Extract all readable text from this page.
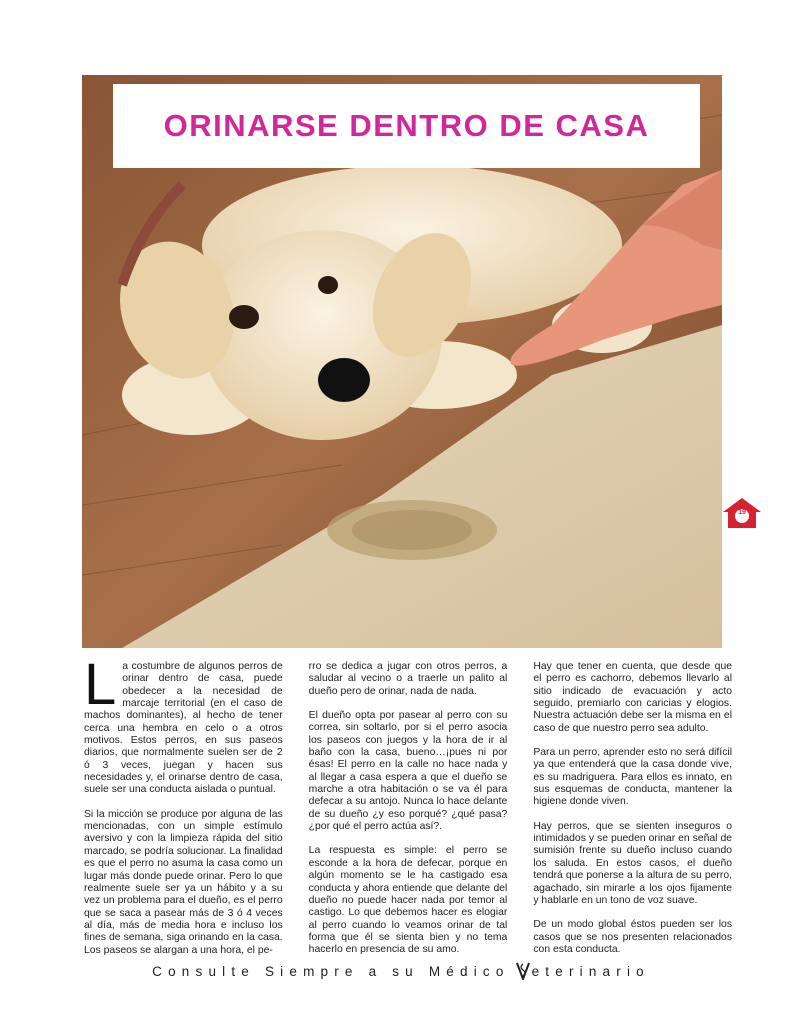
ORINARSE DENTRO DE CASA
19

La costumbre de algunos perros de orinar dentro de casa, puede obedecer a la necesidad de marcaje territorial (en el caso de machos dominantes), al hecho de tener cerca una hembra en celo o a otros motivos. Estos perros, en sus paseos diarios, que normalmente suelen ser de 2 ó 3 veces, juegan y hacen sus necesidades y, el orinarse dentro de casa, suele ser una conducta aislada o puntual.

Si la micción se produce por alguna de las mencionadas, con un simple estímulo aversivo y con la limpieza rápida del sitio marcado, se podría solucionar. La finalidad es que el perro no asuma la casa como un lugar más donde puede orinar. Pero lo que realmente suele ser ya un hábito y a su vez un problema para el dueño, es el perro que se saca a pasear más de 3 ó 4 veces al día, más de media hora e incluso los fines de semana, siga orinando en la casa. Los paseos se alargan a una hora, el pe-

rro se dedica a jugar con otros perros, a saludar al vecino o a traerle un palito al dueño pero de orinar, nada de nada.

El dueño opta por pasear al perro con su correa, sin soltarlo, por si el perro asocia los paseos con juegos y la hora de ir al baño con la casa, bueno…¡pues ni por ésas! El perro en la calle no hace nada y al llegar a casa espera a que el dueño se marche a otra habitación o se va él para defecar a su antojo. Nunca lo hace delante de su dueño ¿y eso porqué? ¿qué pasa? ¿por qué el perro actúa así?.

La respuesta es simple: el perro se esconde a la hora de defecar, porque en algún momento se le ha castigado esa conducta y ahora entiende que delante del dueño no puede hacer nada por temor al castigo. Lo que debemos hacer es elogiar al perro cuando lo veamos orinar de tal forma que él se sienta bien y no tema hacerlo en presencia de su amo.

Hay que tener en cuenta, que desde que el perro es cachorro, debemos llevarlo al sitio indicado de evacuación y acto seguido, premiarlo con caricias y elogios. Nuestra actuación debe ser la misma en el caso de que nuestro perro sea adulto.

Para un perro, aprender esto no será difícil ya que entenderá que la casa donde vive, es su madriguera. Para ellos es innato, en sus esquemas de conducta, mantener la higiene donde viven.

Hay perros, que se sienten inseguros o intimidados y se pueden orinar en señal de sumisión frente su dueño incluso cuando los saluda. En estos casos, el dueño tendrá que ponerse a la altura de su perro, agachado, sin mirarle a los ojos fijamente y hablarle en un tono de voz suave.

De un modo global éstos pueden ser los casos que se nos presenten relacionados con esta conducta.

Consulte Siempre a su Médico eterinario
